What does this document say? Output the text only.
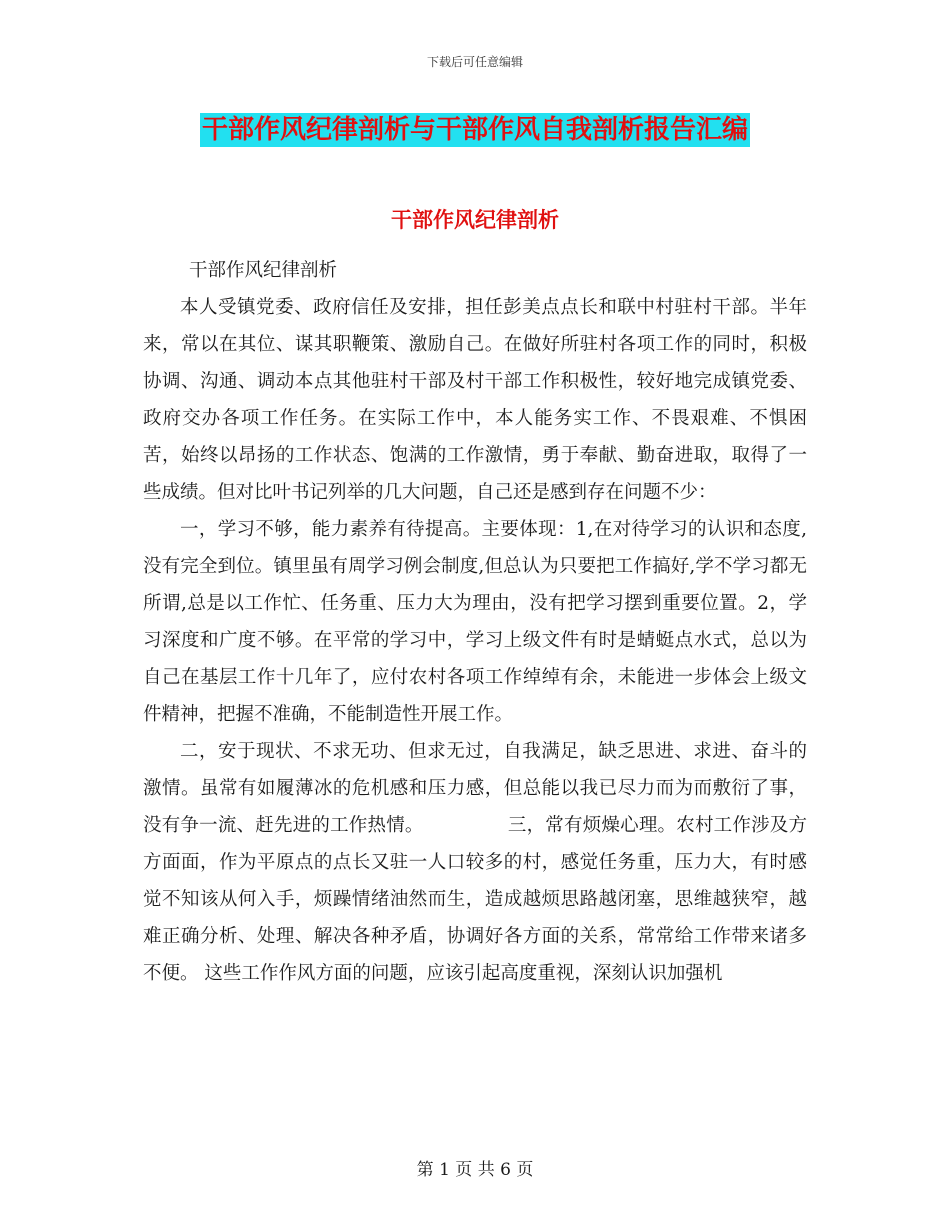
下载后可任意编辑
干部作风纪律剖析与干部作风自我剖析报告汇编
干部作风纪律剖析

干部作风纪律剖析

本人受镇党委、政府信任及安排，担任彭美点点长和联中村驻村干部。半年来，常以在其位、谋其职鞭策、激励自己。在做好所驻村各项工作的同时，积极协调、沟通、调动本点其他驻村干部及村干部工作积极性，较好地完成镇党委、政府交办各项工作任务。在实际工作中，本人能务实工作、不畏艰难、不惧困苦，始终以昂扬的工作状态、饱满的工作激情，勇于奉献、勤奋进取，取得了一些成绩。但对比叶书记列举的几大问题，自己还是感到存在问题不少：

一，学习不够，能力素养有待提高。主要体现：1,在对待学习的认识和态度,没有完全到位。镇里虽有周学习例会制度,但总认为只要把工作搞好,学不学习都无所谓,总是以工作忙、任务重、压力大为理由，没有把学习摆到重要位置。2，学习深度和广度不够。在平常的学习中，学习上级文件有时是蜻蜓点水式，总以为自己在基层工作十几年了，应付农村各项工作绰绰有余，未能进一步体会上级文件精神，把握不准确，不能制造性开展工作。

二，安于现状、不求无功、但求无过，自我满足，缺乏思进、求进、奋斗的激情。虽常有如履薄冰的危机感和压力感，但总能以我已尽力而为而敷衍了事，没有争一流、赶先进的工作热情。　　　　　三，常有烦燥心理。农村工作涉及方方面面，作为平原点的点长又驻一人口较多的村，感觉任务重，压力大，有时感觉不知该从何入手，烦躁情绪油然而生，造成越烦思路越闭塞，思维越狭窄，越难正确分析、处理、解决各种矛盾，协调好各方面的关系，常常给工作带来诸多不便。 这些工作作风方面的问题，应该引起高度重视，深刻认识加强机

第 1 页 共 6 页
